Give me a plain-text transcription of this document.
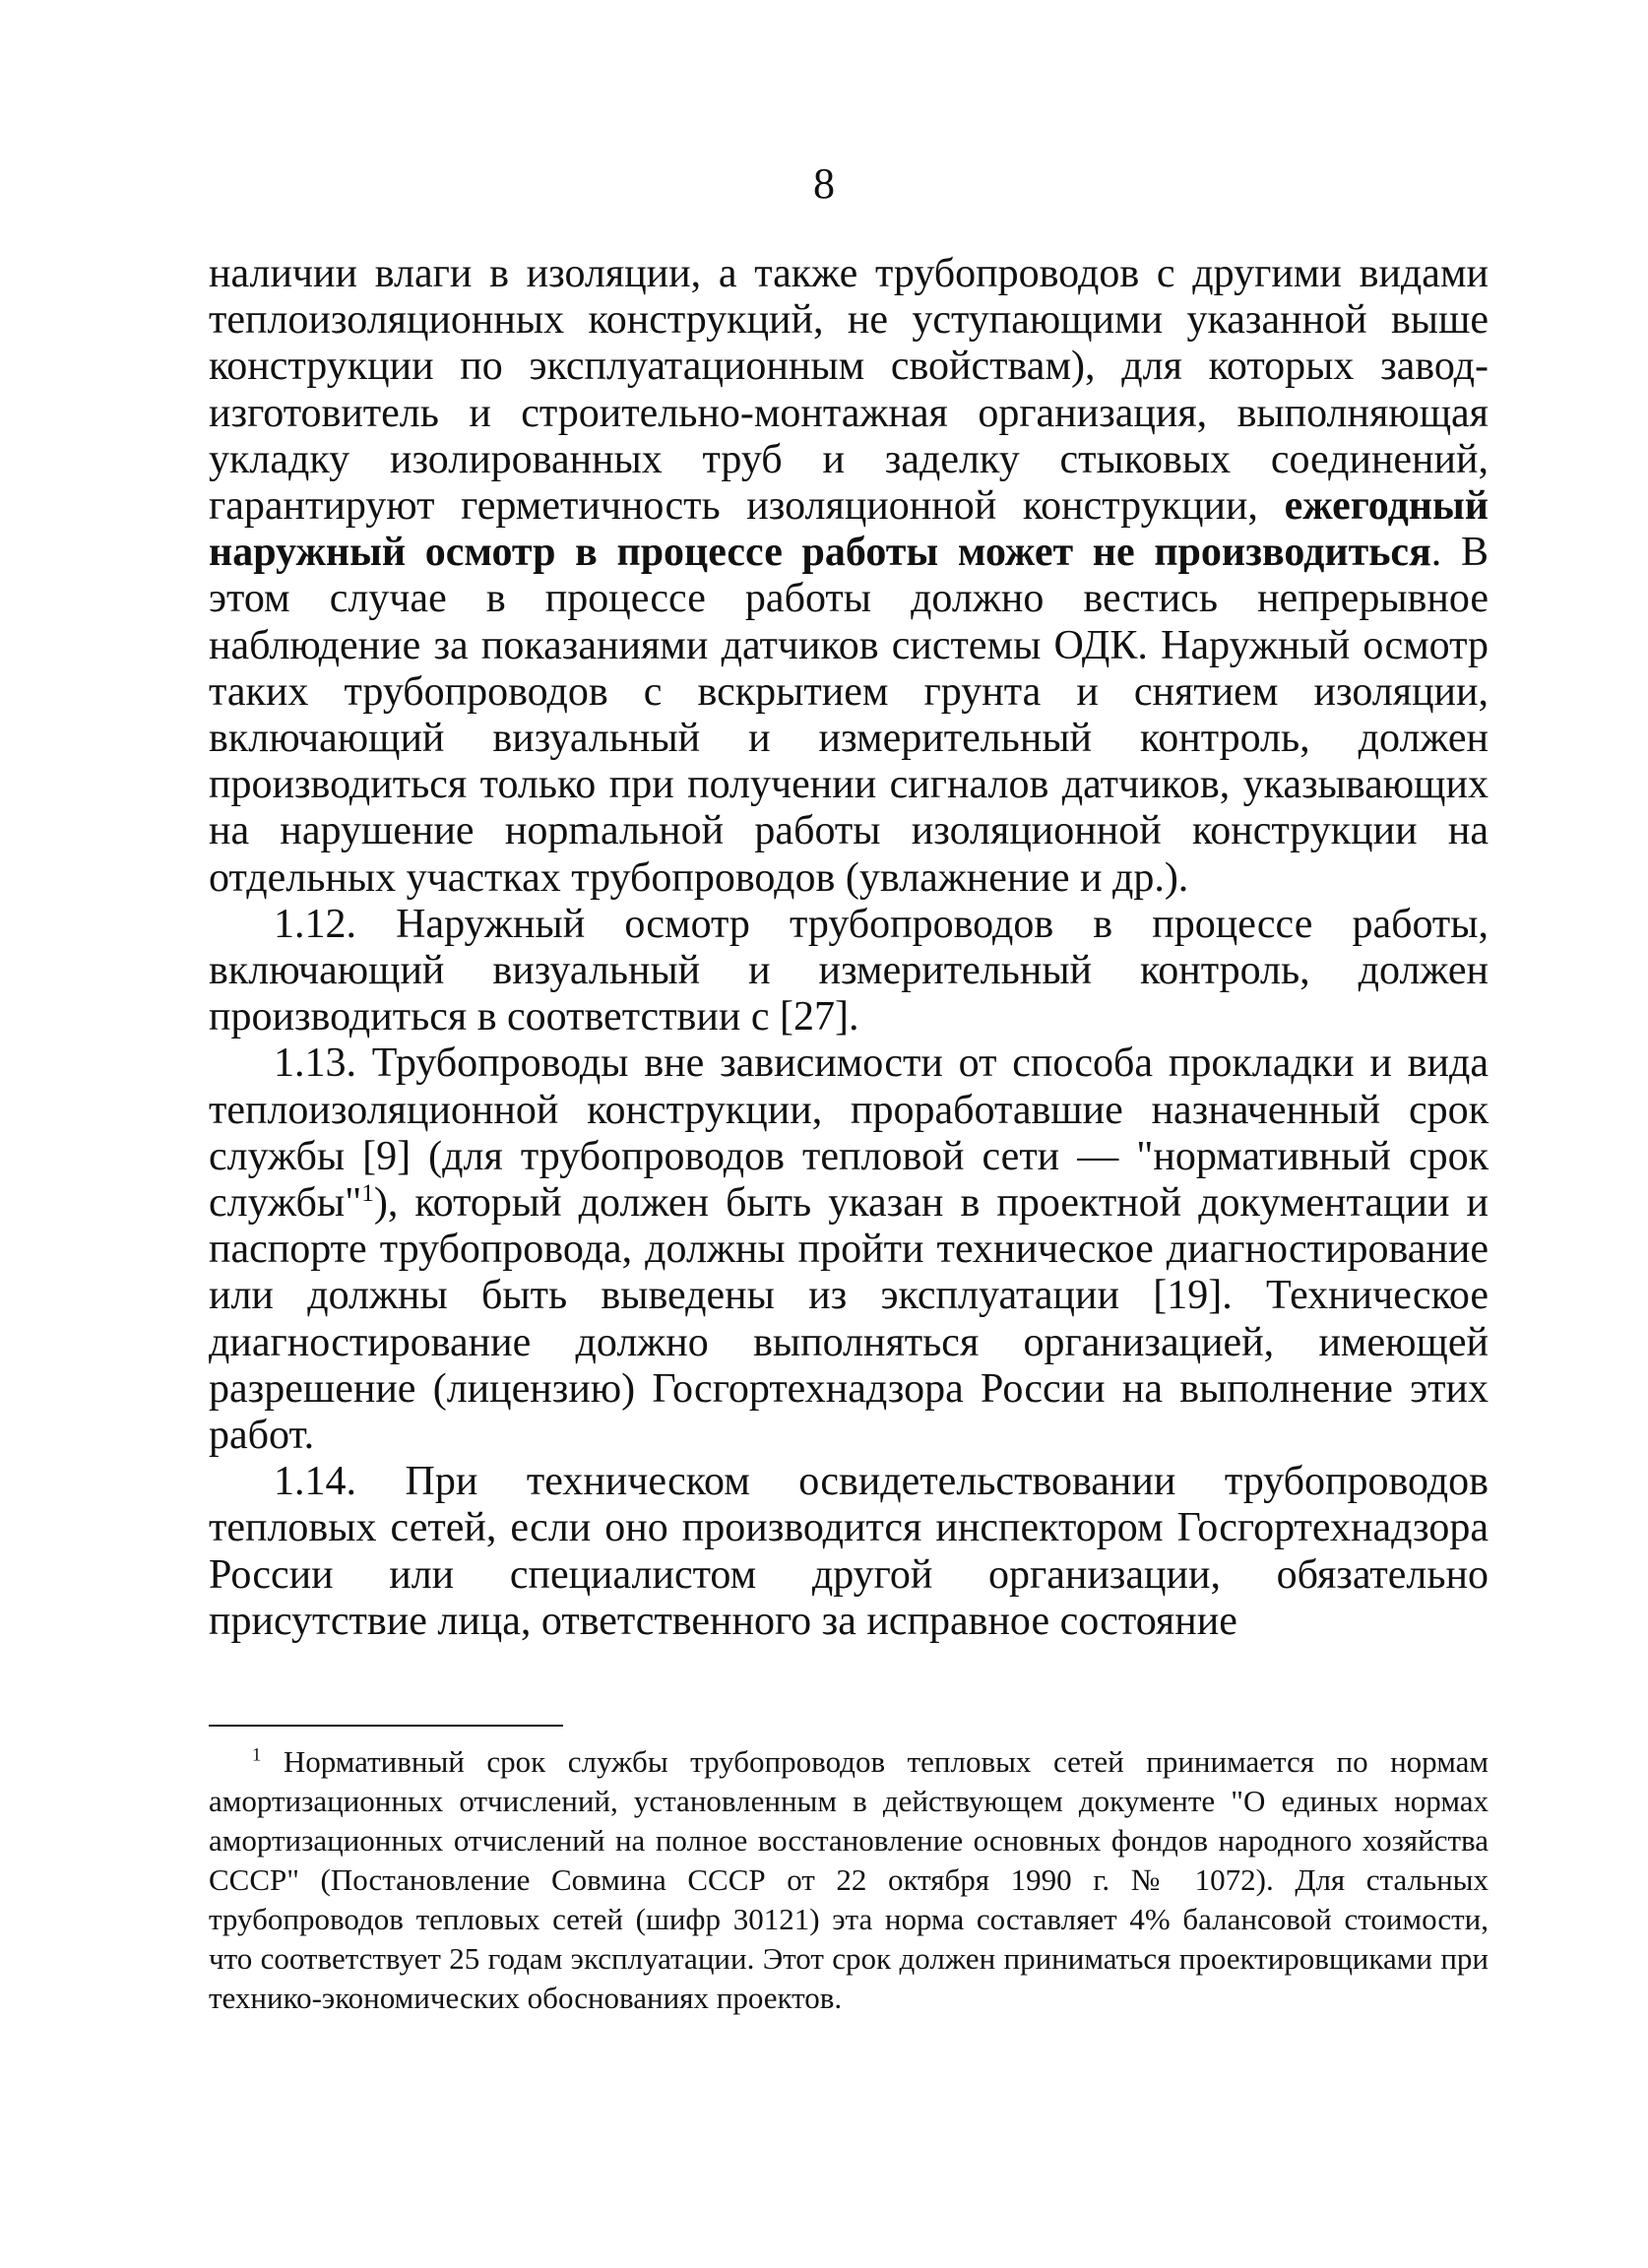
8

наличии влаги в изоляции, а также трубопроводов с другими видами теплоизоляционных конструкций, не уступающими указанной выше конструкции по эксплуатационным свойствам), для которых завод-изготовитель и строительно-монтажная организация, выполняющая укладку изолированных труб и заделку стыковых соединений, гарантируют герметичность изоляционной конструкции, ежегодный наружный осмотр в процессе работы может не производиться. В этом случае в процессе работы должно вестись непрерывное наблюдение за показаниями датчиков системы ОДК. Наружный осмотр таких трубопроводов с вскрытием грунта и снятием изоляции, включающий визуальный и измерительный контроль, должен производиться только при получении сигналов датчиков, указывающих на нарушение норmальной работы изоляционной конструкции на отдельных участках трубопроводов (увлажнение и др.).

1.12. Наружный осмотр трубопроводов в процессе работы, включающий визуальный и измерительный контроль, должен производиться в соответствии с [27].

1.13. Трубопроводы вне зависимости от способа прокладки и вида теплоизоляционной конструкции, проработавшие назначенный срок службы [9] (для трубопроводов тепловой сети — "нормативный срок службы"$^1$), который должен быть указан в проектной документации и паспорте трубопровода, должны пройти техническое диагностирование или должны быть выведены из эксплуатации [19]. Техническое диагностирование должно выполняться организацией, имеющей разрешение (лицензию) Госгортехнадзора России на выполнение этих работ.

1.14. При техническом освидетельствовании трубопроводов тепловых сетей, если оно производится инспектором Госгортехнадзора России или специалистом другой организации, обязательно присутствие лица, ответственного за исправное состояние

$^1$ Нормативный срок службы трубопроводов тепловых сетей принимается по нормам амортизационных отчислений, установленным в действующем документе "О единых нормах амортизационных отчислений на полное восстановление основных фондов народного хозяйства СССР" (Постановление Совмина СССР от 22 октября 1990 г. № 1072). Для стальных трубопроводов тепловых сетей (шифр 30121) эта норма составляет 4% балансовой стоимости, что соответствует 25 годам эксплуатации. Этот срок должен приниматься проектировщиками при технико-экономических обоснованиях проектов.
